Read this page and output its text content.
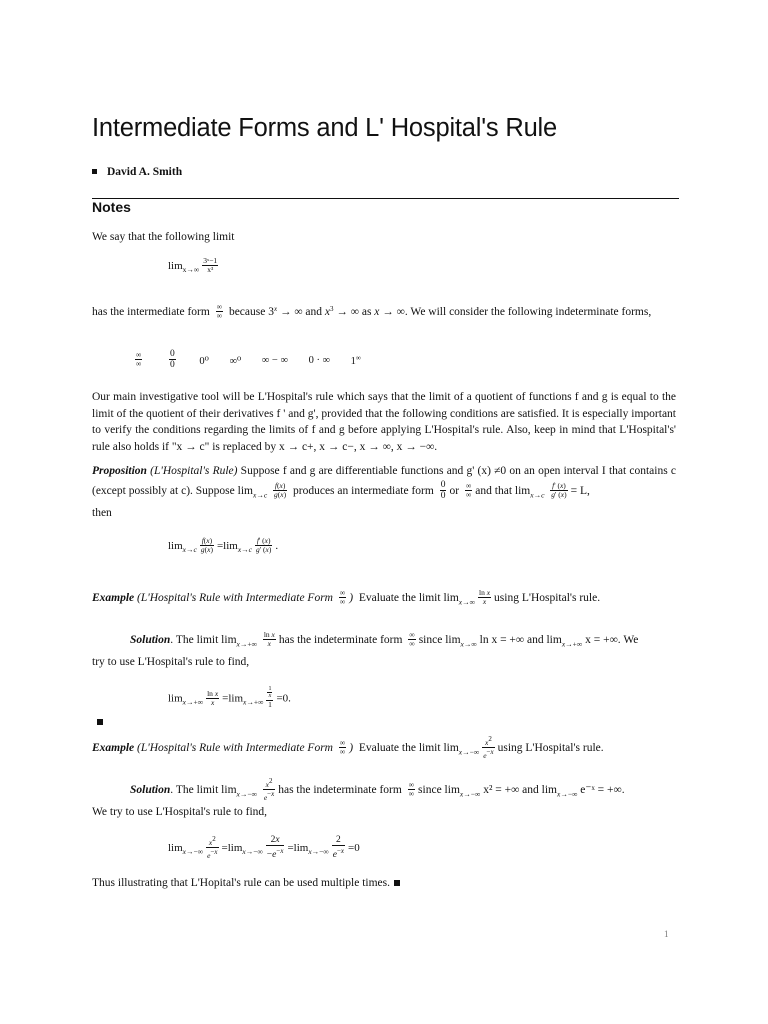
Intermediate Forms and L' Hospital's Rule
David A. Smith
Notes
We say that the following limit
$\lim_{x\to\infty} \frac{\text{3ˣ−1}}{\text{x³}}$
has the intermediate form $\frac{\infty}{\infty}$ because $3^x$ → ∞ and $x^3$ → ∞ as x → ∞. We will consider the following indeterminate forms,
$\frac{\infty}{\infty}$
	$\frac{0}{0} 0^0$ ∞⁰ ∞ − ∞ 0 · ∞ 1∞
Our main investigative tool will be L'Hospital's rule which says that the limit of a quotient of functions f and g is equal to the limit of the quotient of their derivatives f ' and g', provided that the following conditions are satisfied. It is especially important to verify the conditions regarding the limits of f and g before applying L'Hospital's rule. Also, keep in mind that L'Hospital's' rule also holds if "x → c" is replaced by x → c+, x → c−, x → ∞, x → −∞.
Proposition (L'Hospital's Rule) Suppose f and g are differentiable functions and g' (x) ≠0 on an open interval I that contains c (except possibly at c). Suppose $\lim_{x\to c} \frac{f(x)}{g(x)}$ produces an intermediate form $\frac{0}{0}$ or $\frac{\infty}{\infty}$ and that $\lim_{x\to c} \frac{f' (x)}{g' (x)} = L$,
then
$\lim_{x\to c} \frac{f(x)}{g(x)} =\lim_{x\to c} \frac{f' (x)}{g' (x)}$ .
Example (L'Hospital's Rule with Intermediate Form $\frac{\infty}{\infty}$ ) Evaluate the limit $\lim_{x\to\infty} \frac{\text{ln x}}{x}$ using L'Hospital's rule.
Solution. The limit $\lim_{x\to+\infty} \frac{\text{ln x}}{x}$ has the indeterminate form $\frac{\infty}{\infty}$ since $\lim_{x\to\infty} \ln x$ = +∞ and $\lim_{x\to+\infty} x$ = +∞. We
try to use L'Hospital's rule to find,
$\lim_{x\to+\infty} \frac{\text{ln x}}{x} =\lim_{x\to+\infty} \frac{\frac{1}{x}}{1} =0$.
Example (L'Hospital's Rule with Intermediate Form $\frac{\infty}{\infty}$ ) Evaluate the limit $\lim_{x\to-\infty} \frac{x^2}{e^{-x}}$ using L'Hospital's rule.
Solution. The limit $\lim_{x\to-\infty} \frac{x^2}{e^{-x}}$ has the indeterminate form $\frac{\infty}{\infty}$ since $\lim_{x\to-\infty} x^2$ = +∞ and $\lim_{x\to-\infty}$ e⁻ˣ = +∞.
We try to use L'Hospital's rule to find,
$\lim_{x\to-\infty} \frac{x^2}{e^{-x}} =\lim_{x\to-\infty} \frac{2x}{-e^{-x}} =\lim_{x\to-\infty} \frac{2}{e^{-x}} =0$
Thus illustrating that L'Hopital's rule can be used multiple times.
1
